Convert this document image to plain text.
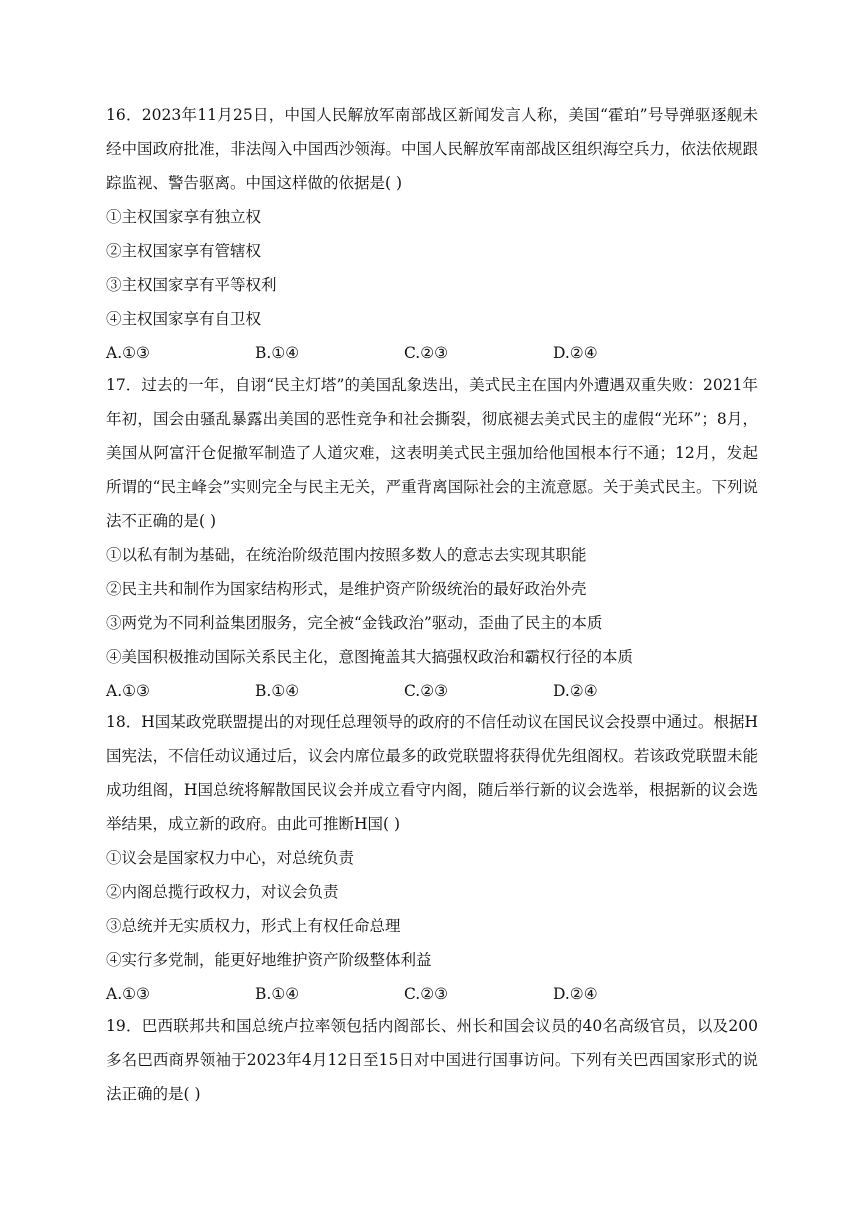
16．2023年11月25日，中国人民解放军南部战区新闻发言人称，美国“霍珀”号导弹驱逐舰未经中国政府批准，非法闯入中国西沙领海。中国人民解放军南部战区组织海空兵力，依法依规跟踪监视、警告驱离。中国这样做的依据是( )

①主权国家享有独立权

②主权国家享有管辖权

③主权国家享有平等权利

④主权国家享有自卫权

A.①③	B.①④	C.②③	D.②④

17．过去的一年，自诩“民主灯塔”的美国乱象迭出，美式民主在国内外遭遇双重失败：2021年年初，国会由骚乱暴露出美国的恶性竞争和社会撕裂，彻底褪去美式民主的虚假“光环”；8月，美国从阿富汗仓促撤军制造了人道灾难，这表明美式民主强加给他国根本行不通；12月，发起所谓的“民主峰会”实则完全与民主无关，严重背离国际社会的主流意愿。关于美式民主。下列说法不正确的是( )

①以私有制为基础，在统治阶级范围内按照多数人的意志去实现其职能

②民主共和制作为国家结构形式，是维护资产阶级统治的最好政治外壳

③两党为不同利益集团服务，完全被“金钱政治”驱动，歪曲了民主的本质

④美国积极推动国际关系民主化，意图掩盖其大搞强权政治和霸权行径的本质

A.①③	B.①④	C.②③	D.②④

18．H国某政党联盟提出的对现任总理领导的政府的不信任动议在国民议会投票中通过。根据H国宪法，不信任动议通过后，议会内席位最多的政党联盟将获得优先组阁权。若该政党联盟未能成功组阁，H国总统将解散国民议会并成立看守内阁，随后举行新的议会选举，根据新的议会选举结果，成立新的政府。由此可推断H国( )

①议会是国家权力中心，对总统负责

②内阁总揽行政权力，对议会负责

③总统并无实质权力，形式上有权任命总理

④实行多党制，能更好地维护资产阶级整体利益

A.①③	B.①④	C.②③	D.②④

19．巴西联邦共和国总统卢拉率领包括内阁部长、州长和国会议员的40名高级官员，以及200多名巴西商界领袖于2023年4月12日至15日对中国进行国事访问。下列有关巴西国家形式的说法正确的是( )
